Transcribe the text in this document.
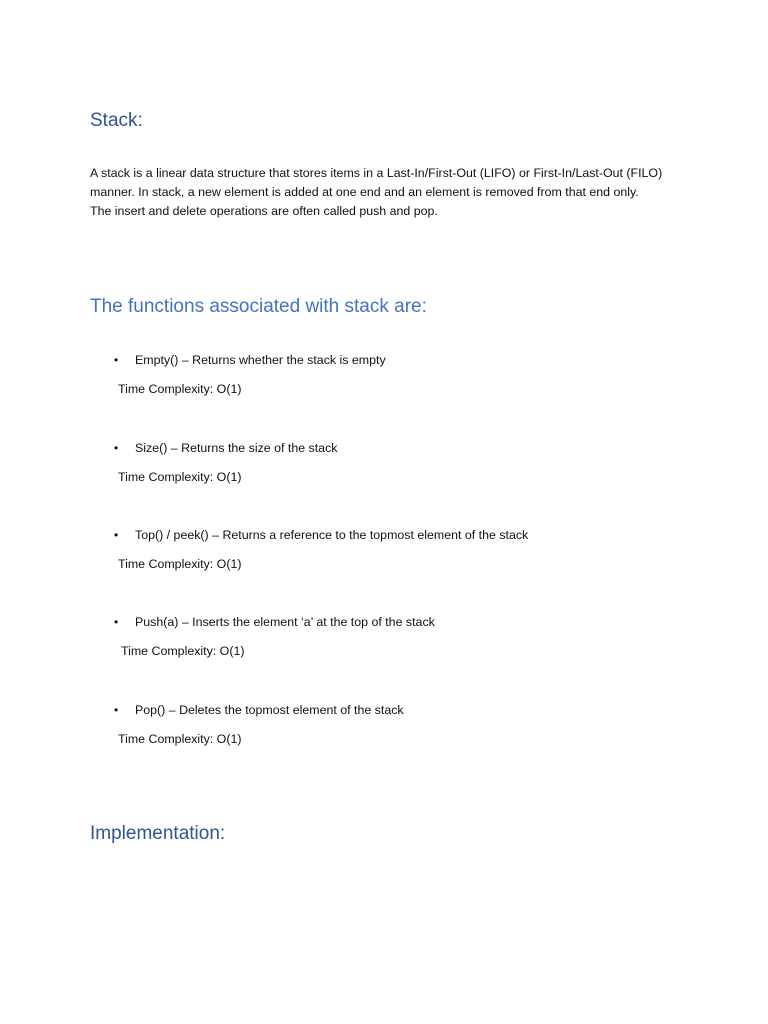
Stack:

A stack is a linear data structure that stores items in a Last-In/First-Out (LIFO) or First-In/Last-Out (FILO)
manner. In stack, a new element is added at one end and an element is removed from that end only.
The insert and delete operations are often called push and pop.

The functions associated with stack are:
• Empty() – Returns whether the stack is empty
Time Complexity: O(1)
• Size() – Returns the size of the stack
Time Complexity: O(1)
• Top() / peek() – Returns a reference to the topmost element of the stack
Time Complexity: O(1)
• Push(a) – Inserts the element ‘a’ at the top of the stack
Time Complexity: O(1)
• Pop() – Deletes the topmost element of the stack
Time Complexity: O(1)
Implementation:
